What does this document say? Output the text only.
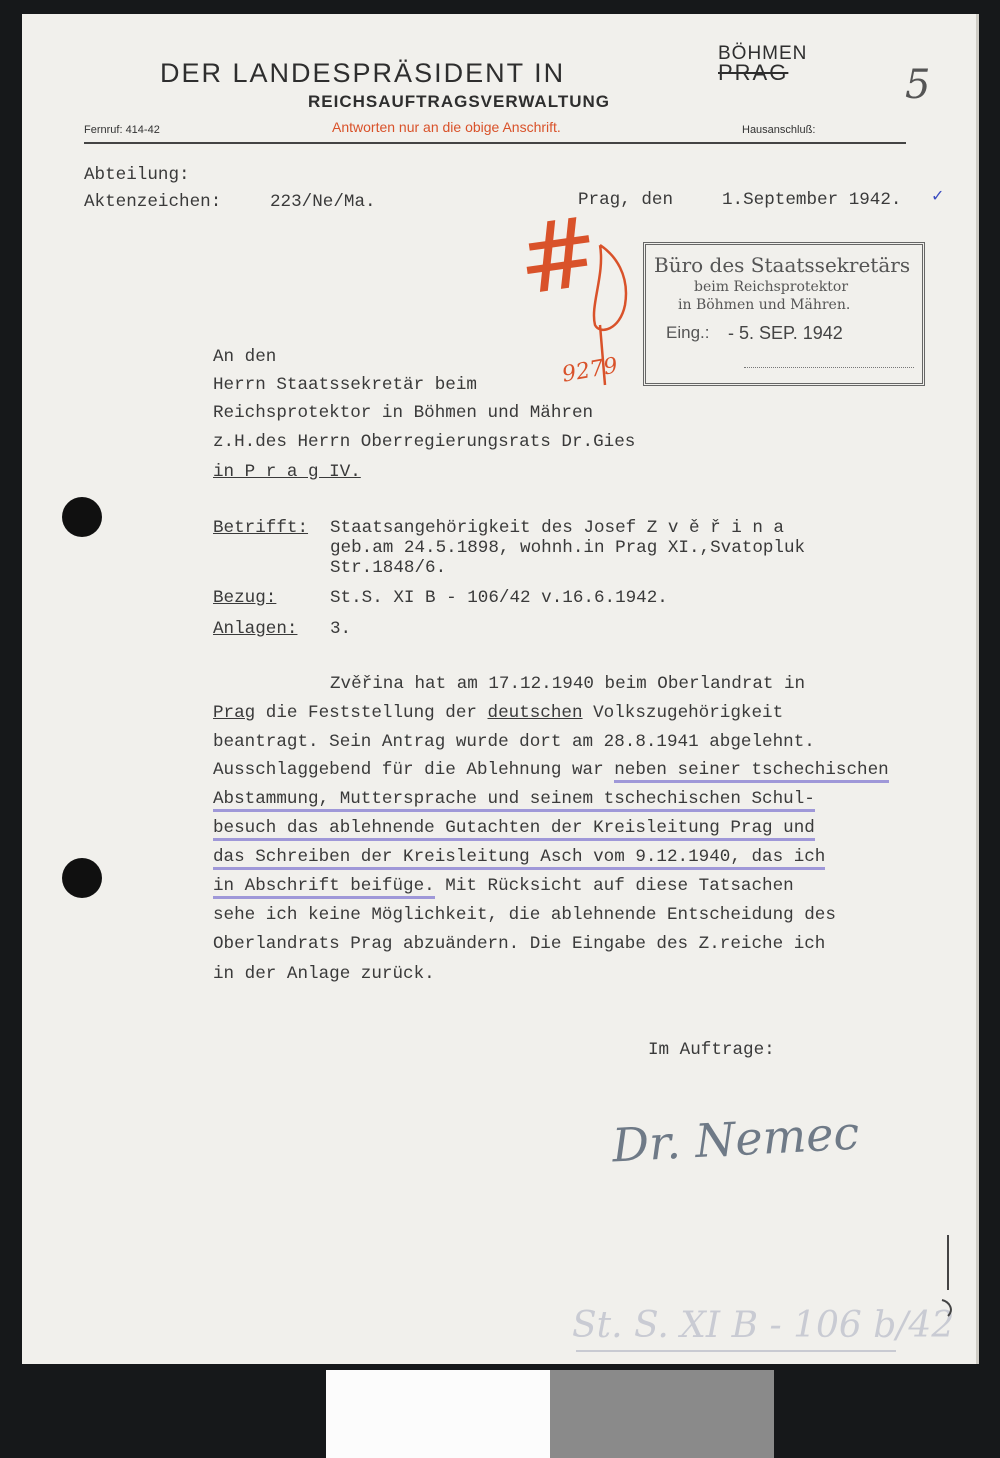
DER LANDESPRÄSIDENT IN
BÖHMEN
PRAG
REICHSAUFTRAGSVERWALTUNG
Fernruf: 414-42	Antworten nur an die obige Anschrift.	Hausanschluß:
5
Abteilung:
Aktenzeichen:	223/Ne/Ma.	Prag, den	1.September 1942. ✓
#
9279
Büro des Staatssekretärs
beim Reichsprotektor
in Böhmen und Mähren.
Eing.: - 5. SEP. 1942
An den
Herrn Staatssekretär beim
Reichsprotektor in Böhmen und Mähren
z.H.des Herrn Oberregierungsrats Dr.Gies
in P r a g IV.
Betrifft: Staatsangehörigkeit des Josef Z v ě ř i n a
geb.am 24.5.1898, wohnh.in Prag XI.,Svatopluk
Str.1848/6.
Bezug:	St.S. XI B - 106/42 v.16.6.1942.
Anlagen: 3.
Zvěřina hat am 17.12.1940 beim Oberlandrat in
Prag die Feststellung der deutschen Volkszugehörigkeit
beantragt. Sein Antrag wurde dort am 28.8.1941 abgelehnt.
Ausschlaggebend für die Ablehnung war neben seiner tschechischen
Abstammung, Muttersprache und seinem tschechischen Schul-
besuch das ablehnende Gutachten der Kreisleitung Prag und
das Schreiben der Kreisleitung Asch vom 9.12.1940, das ich
in Abschrift beifüge. Mit Rücksicht auf diese Tatsachen
sehe ich keine Möglichkeit, die ablehnende Entscheidung des
Oberlandrats Prag abzuändern. Die Eingabe des Z.reiche ich
in der Anlage zurück.
Im Auftrage:
Dr. Nemec
St. S. XI B - 106 b/42
